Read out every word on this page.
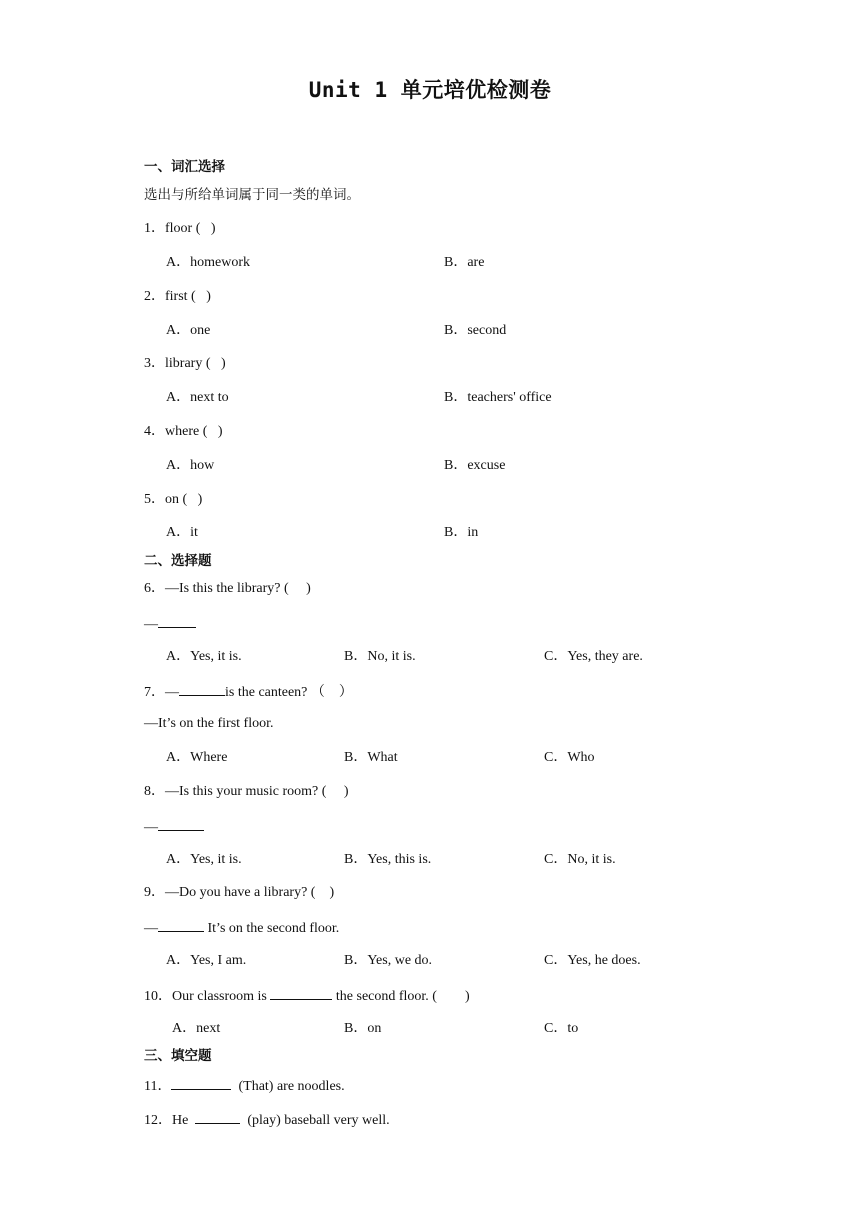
Unit 1 单元培优检测卷
一、词汇选择
选出与所给单词属于同一类的单词。
1．floor (   )
A．homework	B．are
2．first (   )
A．one	B．second
3．library (   )
A．next to	B．teachers' office
4．where (   )
A．how	B．excuse
5．on (   )
A．it	B．in
二、选择题
6．—Is this the library? (     )
—
A．Yes, it is.	B．No, it is.	C．Yes, they are.
7．—	is the canteen? （    ）
—It’s on the first floor.
A．Where	B．What	C．Who
8．—Is this your music room? (     )
—
A．Yes, it is.	B．Yes, this is.	C．No, it is.
9．—Do you have a library? (    )
—	It’s on the second floor.
A．Yes, I am.	B．Yes, we do.	C．Yes, he does.
10．Our classroom is	the second floor. (        )
A．next	B．on	C．to
三、填空题
11．	(That) are noodles.
12．He	(play) baseball very well.
